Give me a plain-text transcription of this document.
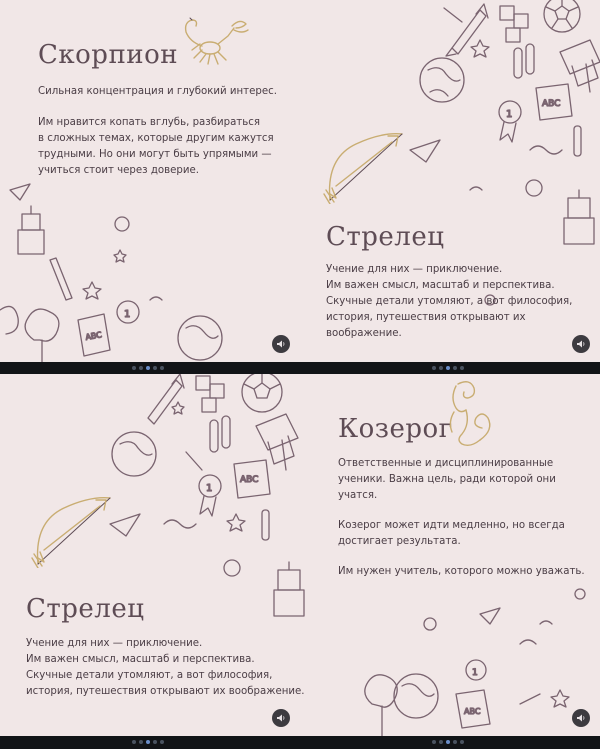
ABC
ABC
1
1
Скорпион
Сильная концентрация и глубокий интерес.
Им нравится копать вглубь, разбираться
в сложных темах, которые другим кажутся
трудными. Но они могут быть упрямыми —
учиться стоит через доверие.
Стрелец
Учение для них — приключение.
Им важен смысл, масштаб и перспектива.
Скучные детали утомляют, а вот философия,
история, путешествия открывают их воображение.
ABC
ABC
1
1
Стрелец
Учение для них — приключение.
Им важен смысл, масштаб и перспектива.
Скучные детали утомляют, а вот философия,
история, путешествия открывают их воображение.
Козерог
Ответственные и дисциплинированные
ученики. Важна цель, ради которой они
учатся.
Козерог может идти медленно, но всегда
достигает результата.
Им нужен учитель, которого можно уважать.
